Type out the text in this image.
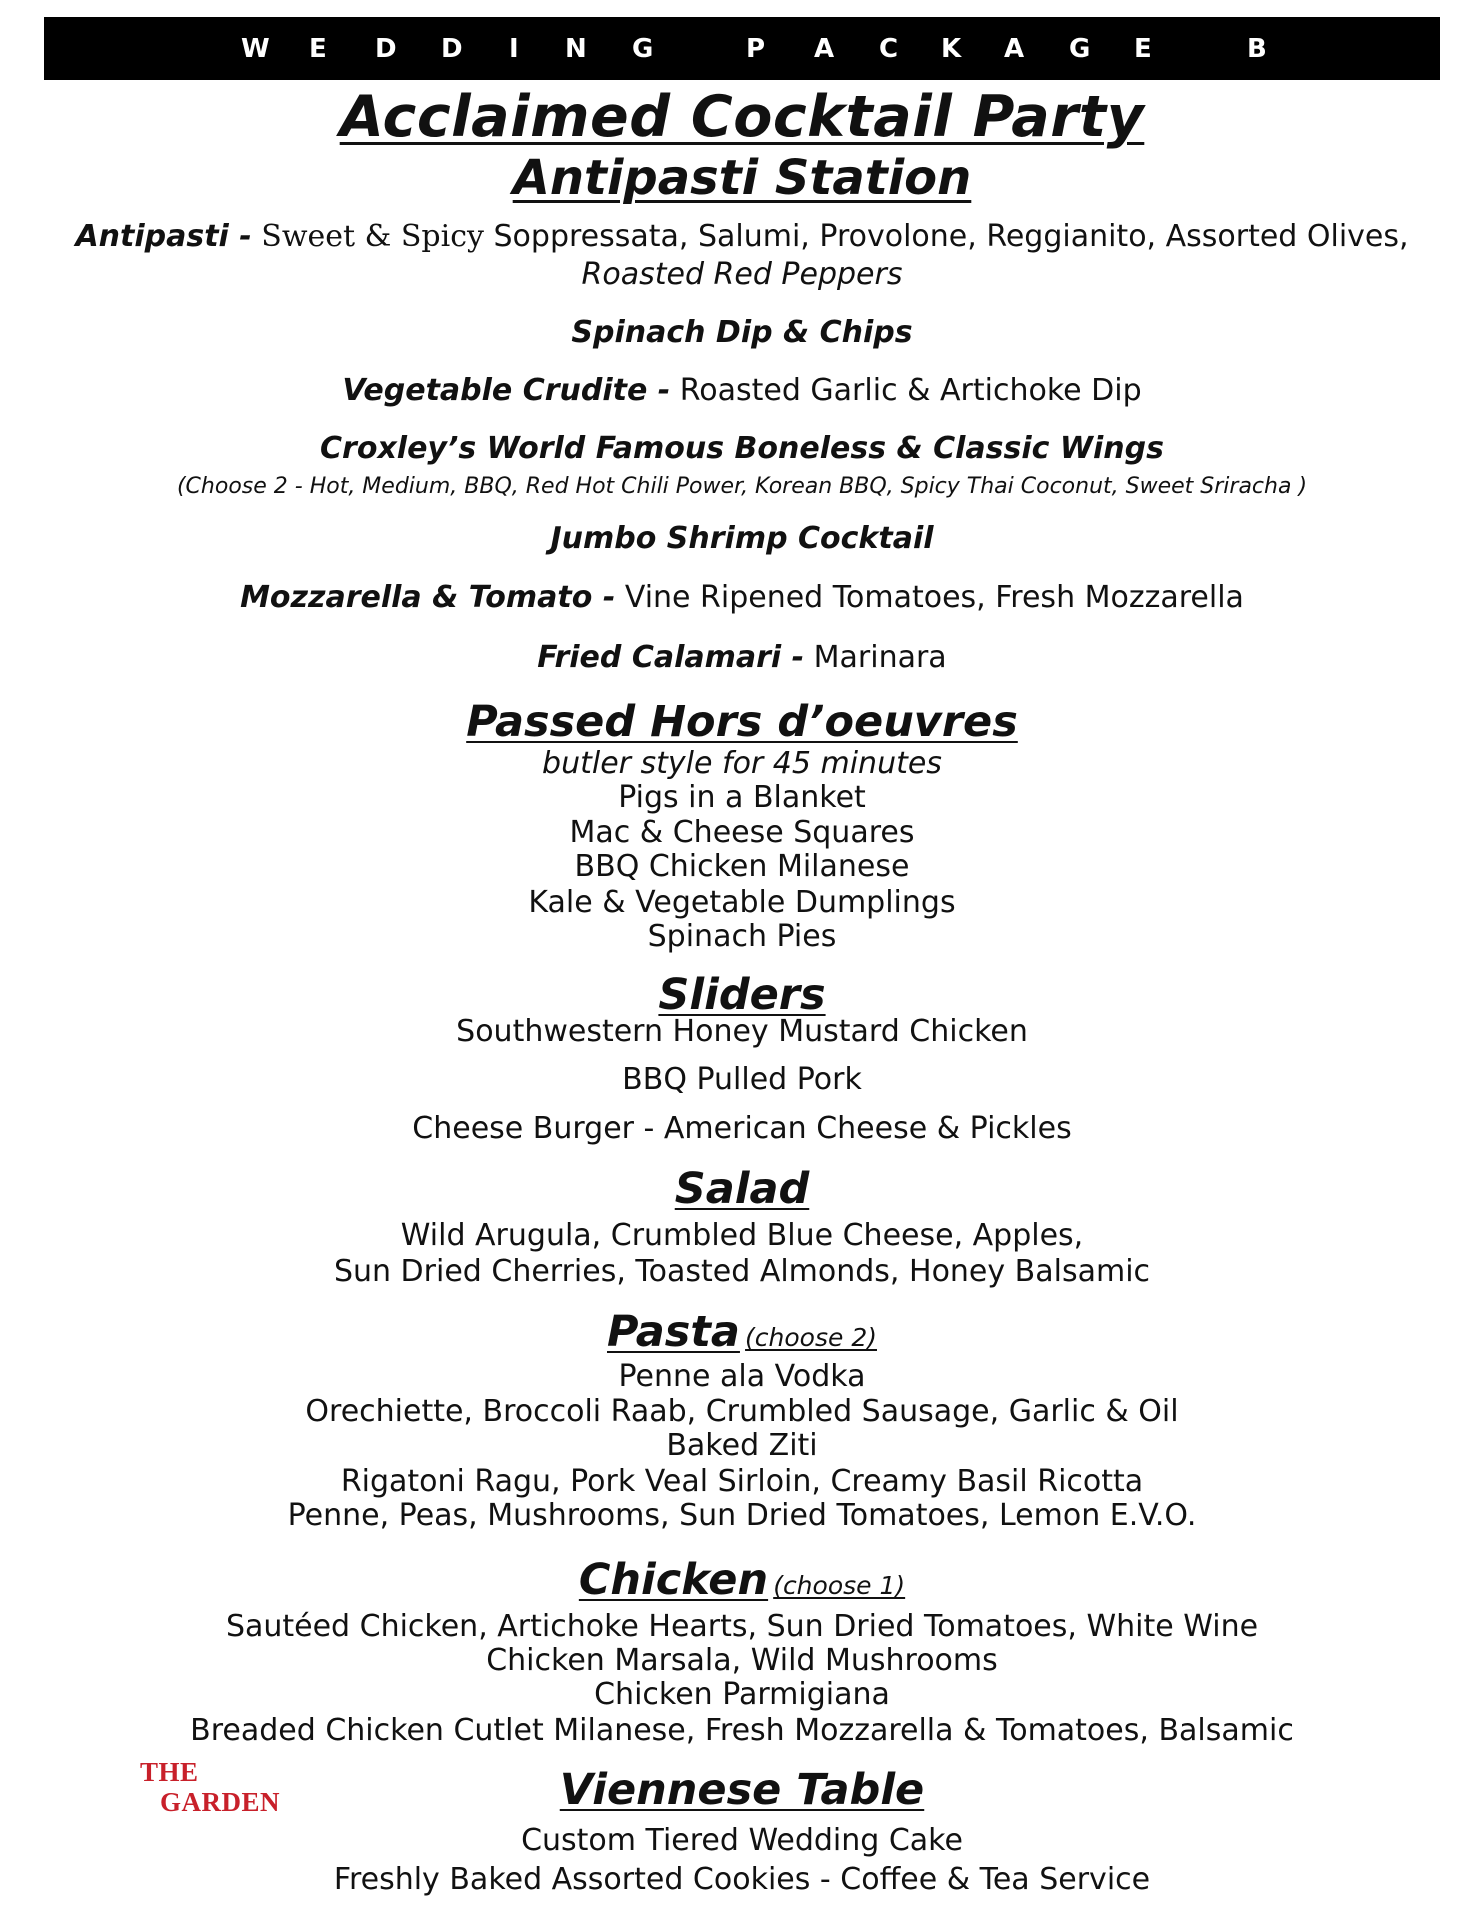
W E D D I N G	P A C K A G E	B
Acclaimed Cocktail Party
Antipasti Station
Antipasti - Sweet & Spicy Soppressata, Salumi, Provolone, Reggianito, Assorted Olives,
Roasted Red Peppers
Spinach Dip & Chips
Vegetable Crudite - Roasted Garlic & Artichoke Dip
Croxley’s World Famous Boneless & Classic Wings
(Choose 2 - Hot, Medium, BBQ, Red Hot Chili Power, Korean BBQ, Spicy Thai Coconut, Sweet Sriracha )
Jumbo Shrimp Cocktail
Mozzarella & Tomato - Vine Ripened Tomatoes, Fresh Mozzarella
Fried Calamari - Marinara
Passed Hors d’oeuvres
butler style for 45 minutes
Pigs in a Blanket
Mac & Cheese Squares
BBQ Chicken Milanese
Kale & Vegetable Dumplings
Spinach Pies
Sliders
Southwestern Honey Mustard Chicken
BBQ Pulled Pork
Cheese Burger - American Cheese & Pickles
Salad
Wild Arugula, Crumbled Blue Cheese, Apples,
Sun Dried Cherries, Toasted Almonds, Honey Balsamic
Pasta (choose 2)
Penne ala Vodka
Orechiette, Broccoli Raab, Crumbled Sausage, Garlic & Oil
Baked Ziti
Rigatoni Ragu, Pork Veal Sirloin, Creamy Basil Ricotta
Penne, Peas, Mushrooms, Sun Dried Tomatoes, Lemon E.V.O.
Chicken (choose 1)
Sautéed Chicken, Artichoke Hearts, Sun Dried Tomatoes, White Wine
Chicken Marsala, Wild Mushrooms
Chicken Parmigiana
Breaded Chicken Cutlet Milanese, Fresh Mozzarella & Tomatoes, Balsamic
Viennese Table
Custom Tiered Wedding Cake
Freshly Baked Assorted Cookies - Coffee & Tea Service
THE
GARDEN
